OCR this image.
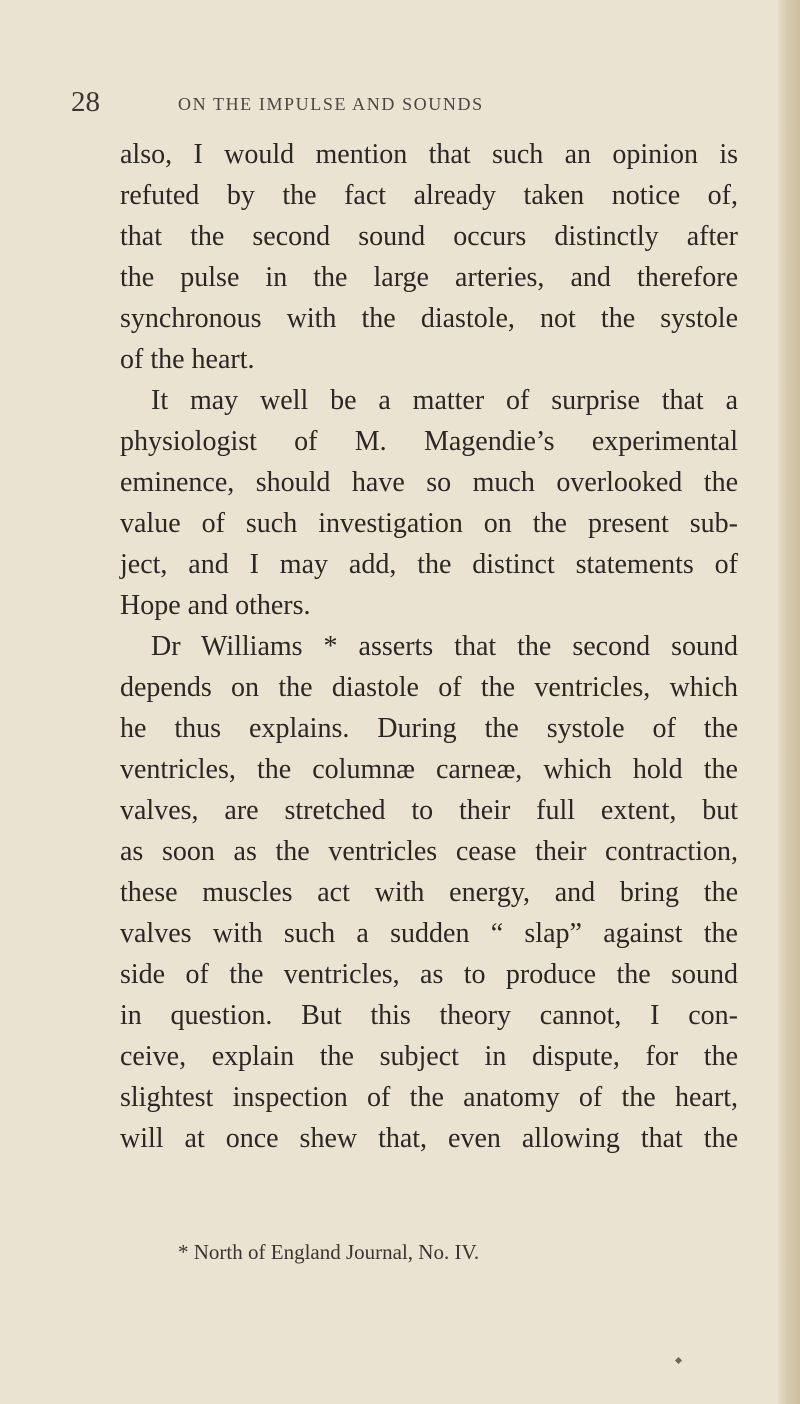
28	ON THE IMPULSE AND SOUNDS
also, I would mention that such an opinion is
refuted by the fact already taken notice of,
that the second sound occurs distinctly after
the pulse in the large arteries, and therefore
synchronous with the diastole, not the systole
of the heart.
It may well be a matter of surprise that a
physiologist of M. Magendie’s experimental
eminence, should have so much overlooked the
value of such investigation on the present sub-
ject, and I may add, the distinct statements of
Hope and others.
Dr Williams * asserts that the second sound
depends on the diastole of the ventricles, which
he thus explains. During the systole of the
ventricles, the columnæ carneæ, which hold the
valves, are stretched to their full extent, but
as soon as the ventricles cease their contraction,
these muscles act with energy, and bring the
valves with such a sudden “ slap” against the
side of the ventricles, as to produce the sound
in question. But this theory cannot, I con-
ceive, explain the subject in dispute, for the
slightest inspection of the anatomy of the heart,
will at once shew that, even allowing that the
* North of England Journal, No. IV.
